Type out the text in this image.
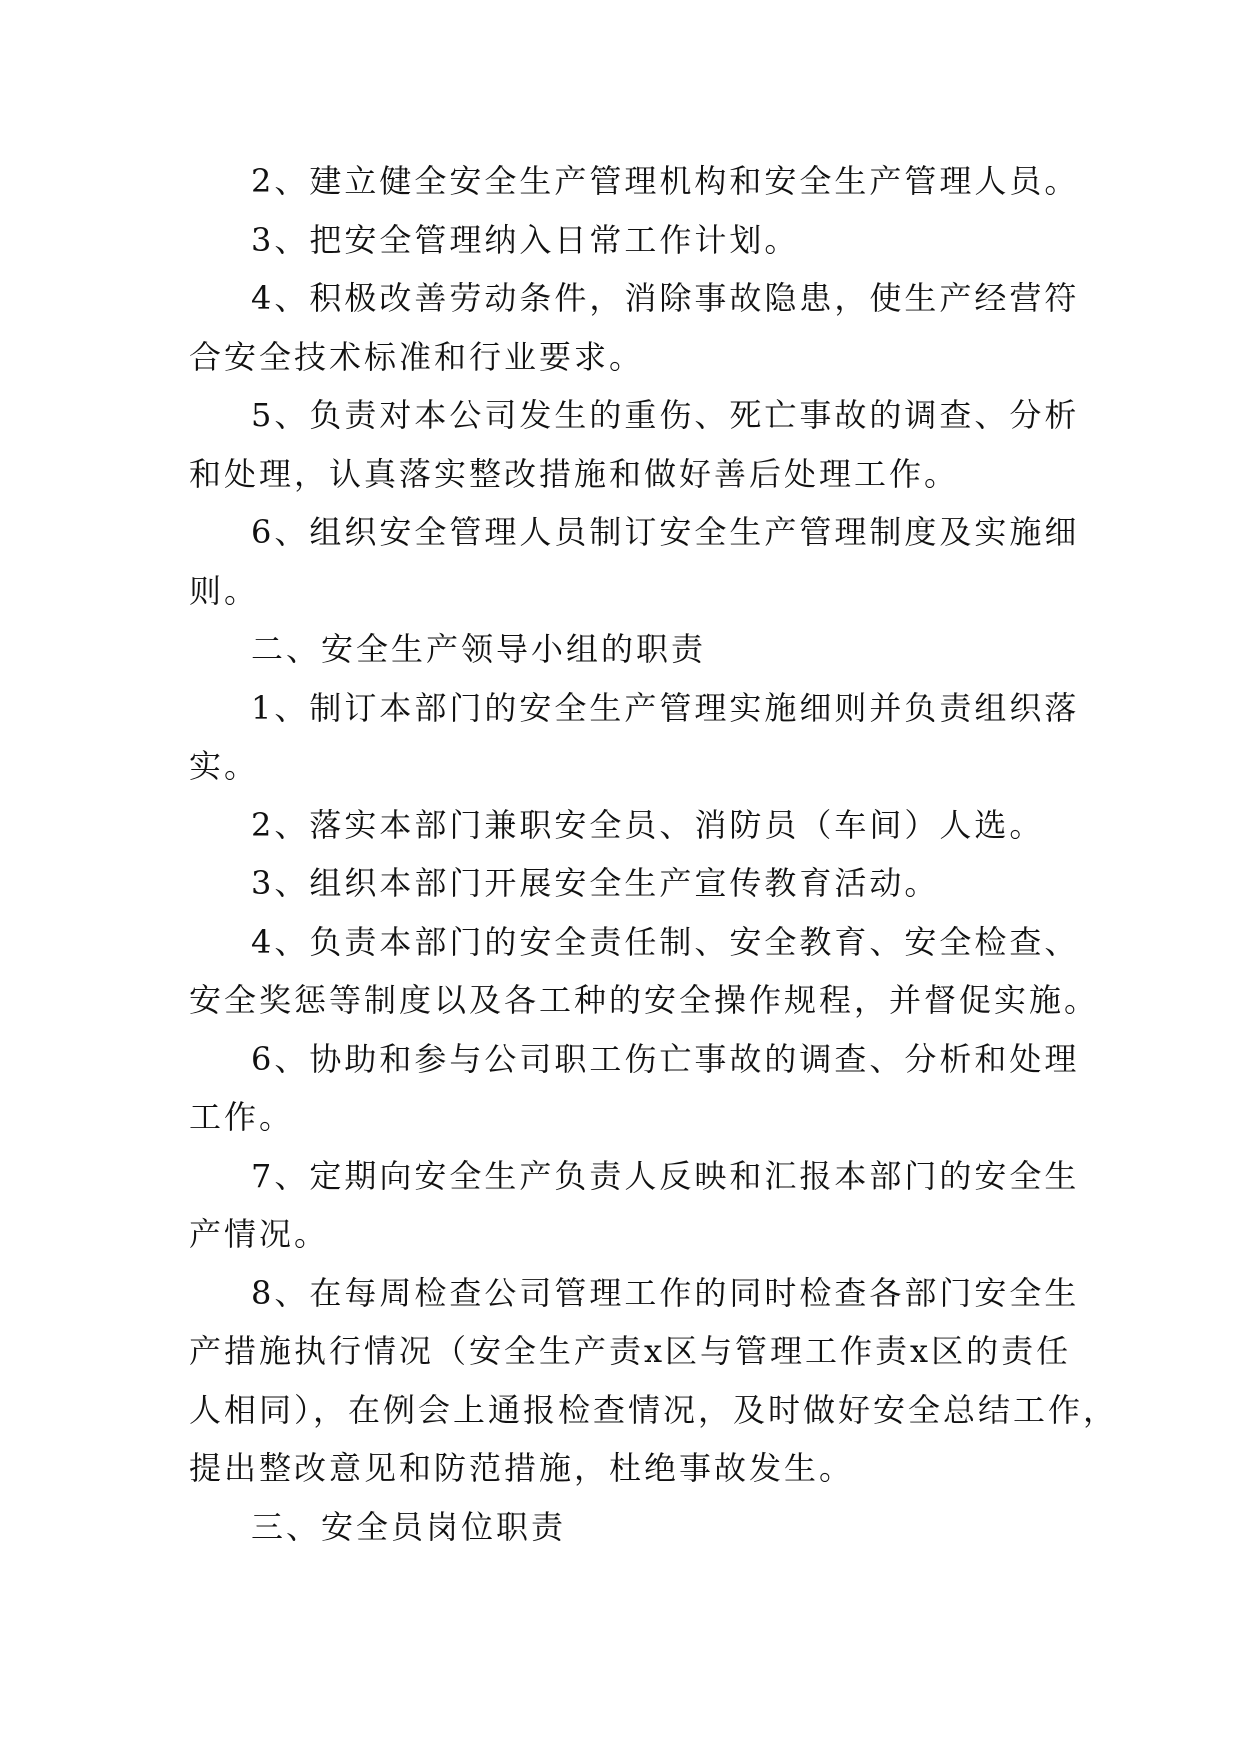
2、建立健全安全生产管理机构和安全生产管理人员。
3、把安全管理纳入日常工作计划。
4、积极改善劳动条件，消除事故隐患，使生产经营符
合安全技术标准和行业要求。
5、负责对本公司发生的重伤、死亡事故的调查、分析
和处理，认真落实整改措施和做好善后处理工作。
6、组织安全管理人员制订安全生产管理制度及实施细
则。
二、安全生产领导小组的职责
1、制订本部门的安全生产管理实施细则并负责组织落
实。
2、落实本部门兼职安全员、消防员（车间）人选。
3、组织本部门开展安全生产宣传教育活动。
4、负责本部门的安全责任制、安全教育、安全检查、
安全奖惩等制度以及各工种的安全操作规程，并督促实施。
6、协助和参与公司职工伤亡事故的调查、分析和处理
工作。
7、定期向安全生产负责人反映和汇报本部门的安全生
产情况。
8、在每周检查公司管理工作的同时检查各部门安全生
产措施执行情况（安全生产责x区与管理工作责x区的责任
人相同），在例会上通报检查情况，及时做好安全总结工作，
提出整改意见和防范措施，杜绝事故发生。
三、安全员岗位职责
